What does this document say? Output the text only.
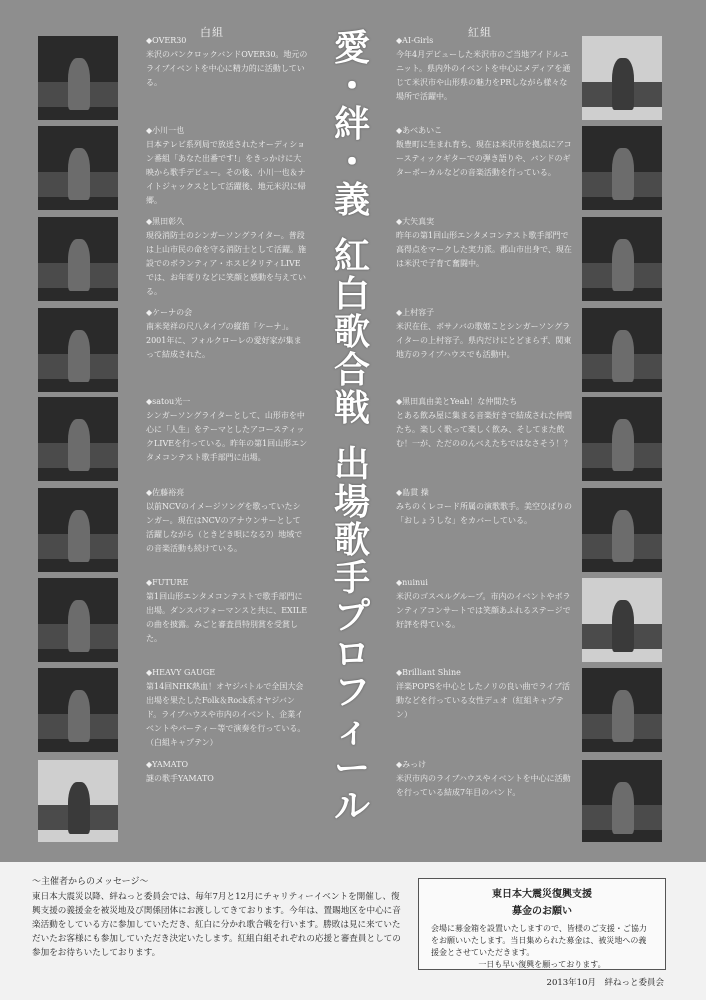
白組	紅組
愛
・
絆
・
義
紅
白
歌
合
戦
出
場
歌
手
プ
ロ
フ
ィ
ー
ル
◆OVER30
米沢のパンクロックバンドOVER30。地元のライブイベントを中心に精力的に活動している。
◆小川一也
日本テレビ系列局で放送されたオーディション番組「あなた出番です!」をきっかけに大映から歌手デビュー。その後、小川一也＆ナイトジャックスとして活躍後、地元米沢に帰郷。
◆黒田彰久
現役消防士のシンガーソングライター。普段は上山市民の命を守る消防士として活躍。施設でのボランティア・ホスピタリティLIVEでは、お年寄りなどに笑顔と感動を与えている。
◆ケーナの会
南米発祥の尺八タイプの縦笛「ケーナ」。2001年に、フォルクローレの愛好家が集まって結成された。
◆satou光一
シンガーソングライターとして、山形市を中心に「人生」をテーマとしたアコースティックLIVEを行っている。昨年の第1回山形エンタメコンテスト歌手部門に出場。
◆佐藤裕亮
以前NCVのイメージソングを歌っていたシンガー。現在はNCVのアナウンサーとして活躍しながら（ときどき唄になる?）地域での音楽活動も続けている。
◆FUTURE
第1回山形エンタメコンテストで歌手部門に出場。ダンスパフォーマンスと共に、EXILEの曲を披露。みごと審査員特別賞を受賞した。
◆HEAVY GAUGE
第14回NHK熱血！オヤジバトルで全国大会出場を果たしたFolk＆Rock系オヤジバンド。ライブハウスや市内のイベント、企業イベントやパーティー等で演奏を行っている。（白組キャプテン）
◆YAMATO
謎の歌手YAMATO
◆AI-Girls
今年4月デビューした米沢市のご当地アイドルユニット。県内外のイベントを中心にメディアを通じて米沢市や山形県の魅力をPRしながら様々な場所で活躍中。
◆あべあいこ
飯豊町に生まれ育ち、現在は米沢市を拠点にアコースティックギターでの弾き語りや、バンドのギターボーカルなどの音楽活動を行っている。
◆大矢真実
昨年の第1回山形エンタメコンテスト歌手部門で高得点をマークした実力派。郡山市出身で、現在は米沢で子育て奮闘中。
◆上村容子
米沢在住、ボサノバの歌姫ことシンガーソングライターの上村容子。県内だけにとどまらず、関東地方のライブハウスでも活動中。
◆黒田真由美とYeah！な仲間たち
とある飲み屋に集まる音楽好きで結成された仲間たち。楽しく歌って楽しく飲み、そしてまた飲む！一が、ただののんべえたちではなさそう！？
◆島貫 操
みちのくレコード所属の演歌歌手。美空ひばりの「おしょうしな」をカバーしている。
◆nuinui
米沢のゴスペルグループ。市内のイベントやボランティアコンサートでは笑顔あふれるステージで好評を得ている。
◆Brilliant Shine
洋楽POPSを中心としたノリの良い曲でライブ活動などを行っている女性デュオ（紅組キャプテン）
◆みっけ
米沢市内のライブハウスやイベントを中心に活動を行っている結成7年目のバンド。
～主催者からのメッセージ～
東日本大震災以降、絆ねっと委員会では、毎年7月と12月にチャリティーイベントを開催し、復興支援の義援金を被災地及び関係団体にお渡ししてきております。今年は、置賜地区を中心に音楽活動をしている方に参加していただき、紅白に分かれ歌合戦を行います。勝敗は見に来ていただいたお客様にも参加していただき決定いたします。紅組白組それぞれの応援と審査員としての参加をお待ちいたしております。
東日本大震災復興支援
募金のお願い
会場に募金箱を設置いたしますので、皆様のご支援・ご協力をお願いいたします。当日集められた募金は、被災地への義援金とさせていただきます。
一日も早い復興を願っております。
2013年10月　絆ねっと委員会
